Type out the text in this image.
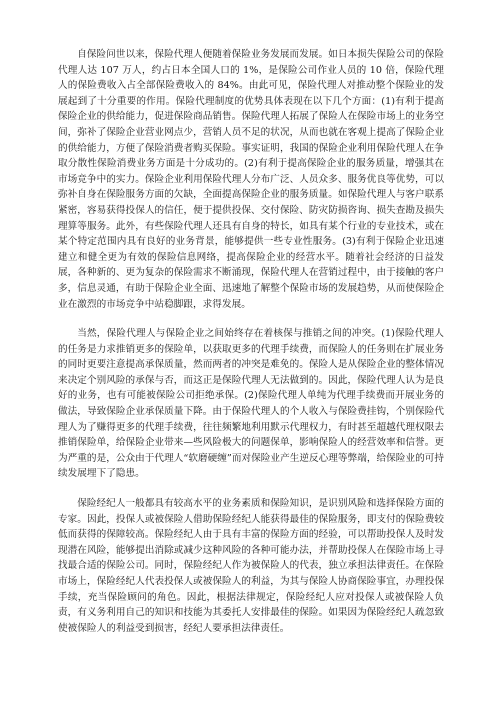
自保险问世以来，保险代理人便随着保险业务发展而发展。如日本损失保险公司的保险代理人达 107 万人，约占日本全国人口的 1%，是保险公司作业人员的 10 倍，保险代理人的保险费收入占全部保险费收入的 84%。由此可见，保险代理人对推动整个保险业的发展起到了十分重要的作用。保险代理制度的优势具体表现在以下几个方面：(1)有利于提高保险企业的供给能力，促进保险商品销售。保险代理人拓展了保险人在保险市场上的业务空间，弥补了保险企业营业网点少，营销人员不足的状况，从而也就在客观上提高了保险企业的供给能力，方便了保险消费者购买保险。事实证明，我国的保险企业利用保险代理人在争取分散性保险消费业务方面是十分成功的。(2)有利于提高保险企业的服务质量，增强其在市场竞争中的实力。保险企业利用保险代理人分布广泛、人员众多、服务优良等优势，可以弥补自身在保险服务方面的欠缺，全面提高保险企业的服务质量。如保险代理人与客户联系紧密，容易获得投保人的信任，便于提供投保、交付保险、防灾防损咨询、损失查勘及损失理算等服务。此外，有些保险代理人还具有自身的特长，如具有某个行业的专业技术，或在某个特定范围内具有良好的业务背景，能够提供一些专业性服务。(3)有利于保险企业迅速建立和健全更为有效的保险信息网络，提高保险企业的经营水平。随着社会经济的日益发展，各种新的、更为复杂的保险需求不断涌现，保险代理人在营销过程中，由于接触的客户多，信息灵通，有助于保险企业全面、迅速地了解整个保险市场的发展趋势，从而使保险企业在激烈的市场竞争中站稳脚跟，求得发展。

当然，保险代理人与保险企业之间始终存在着核保与推销之间的冲突。(1)保险代理人的任务是力求推销更多的保险单，以获取更多的代理手续费，而保险人的任务则在扩展业务的同时更要注意提高承保质量，然而两者的冲突是难免的。保险人是从保险企业的整体情况来决定个别风险的承保与否，而这正是保险代理人无法做到的。因此，保险代理人认为是良好的业务，也有可能被保险公司拒绝承保。(2)保险代理人单纯为代理手续费而开展业务的做法，导致保险企业承保质量下降。由于保险代理人的个人收入与保险费挂钩，个别保险代理人为了赚得更多的代理手续费，往往频繁地利用默示代理权力，有时甚至超越代理权限去推销保险单，给保险企业带来—些风险极大的问题保单，影响保险人的经营效率和信誉。更为严重的是，公众由于代理人“软磨硬缠”而对保险业产生逆反心理等弊端，给保险业的可持续发展埋下了隐患。

保险经纪人一般都具有较高水平的业务素质和保险知识，是识别风险和选择保险方面的专家。因此，投保人或被保险人借助保险经纪人能获得最佳的保险服务，即支付的保险费较低而获得的保障较高。保险经纪人由于具有丰富的保险方面的经验，可以帮助投保人及时发现潜在风险，能够提出消除或减少这种风险的各种可能办法，并帮助投保人在保险市场上寻找最合适的保险公司。同时，保险经纪人作为被保险人的代表，独立承担法律责任。在保险市场上，保险经纪人代表投保人或被保险人的利益，为其与保险人协商保险事宜，办理投保手续，充当保险顾问的角色。因此，根据法律规定，保险经纪人应对投保人或被保险人负责，有义务利用自己的知识和技能为其委托人安排最佳的保险。如果因为保险经纪人疏忽致使被保险人的利益受到损害，经纪人要承担法律责任。
